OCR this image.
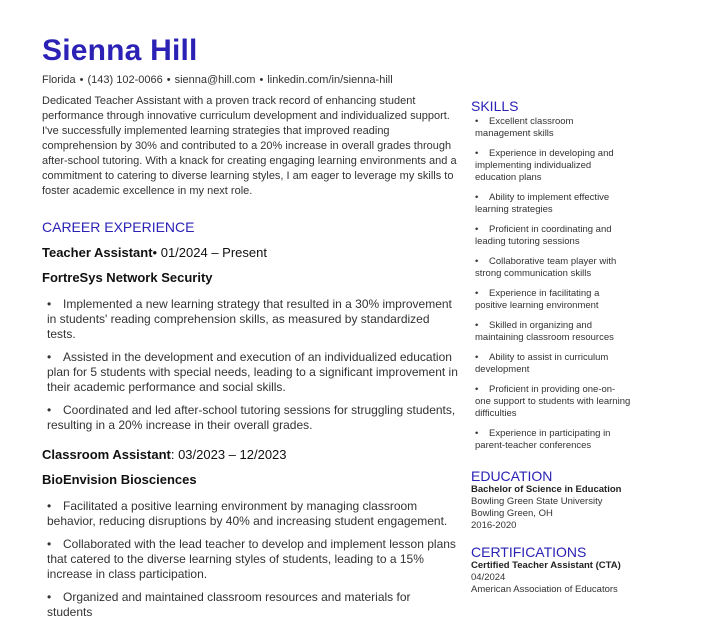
Sienna Hill
Florida • (143) 102-0066 • sienna@hill.com • linkedin.com/in/sienna-hill
Dedicated Teacher Assistant with a proven track record of enhancing student performance through innovative curriculum development and individualized support. I've successfully implemented learning strategies that improved reading comprehension by 30% and contributed to a 20% increase in overall grades through after-school tutoring. With a knack for creating engaging learning environments and a commitment to catering to diverse learning styles, I am eager to leverage my skills to foster academic excellence in my next role.
CAREER EXPERIENCE
Teacher Assistant• 01/2024 – Present
FortreSys Network Security
• Implemented a new learning strategy that resulted in a 30% improvement in students' reading comprehension skills, as measured by standardized tests.
• Assisted in the development and execution of an individualized education plan for 5 students with special needs, leading to a significant improvement in their academic performance and social skills.
• Coordinated and led after-school tutoring sessions for struggling students, resulting in a 20% increase in their overall grades.
Classroom Assistant: 03/2023 – 12/2023
BioEnvision Biosciences
• Facilitated a positive learning environment by managing classroom behavior, reducing disruptions by 40% and increasing student engagement.
• Collaborated with the lead teacher to develop and implement lesson plans that catered to the diverse learning styles of students, leading to a 15% increase in class participation.
• Organized and maintained classroom resources and materials for students
SKILLS
• Excellent classroom management skills
• Experience in developing and implementing individualized education plans
• Ability to implement effective learning strategies
• Proficient in coordinating and leading tutoring sessions
• Collaborative team player with strong communication skills
• Experience in facilitating a positive learning environment
• Skilled in organizing and maintaining classroom resources
• Ability to assist in curriculum development
• Proficient in providing one-on-one support to students with learning difficulties
• Experience in participating in parent-teacher conferences
EDUCATION
Bachelor of Science in Education
Bowling Green State University
Bowling Green, OH
2016-2020
CERTIFICATIONS
Certified Teacher Assistant (CTA)
04/2024
American Association of Educators
